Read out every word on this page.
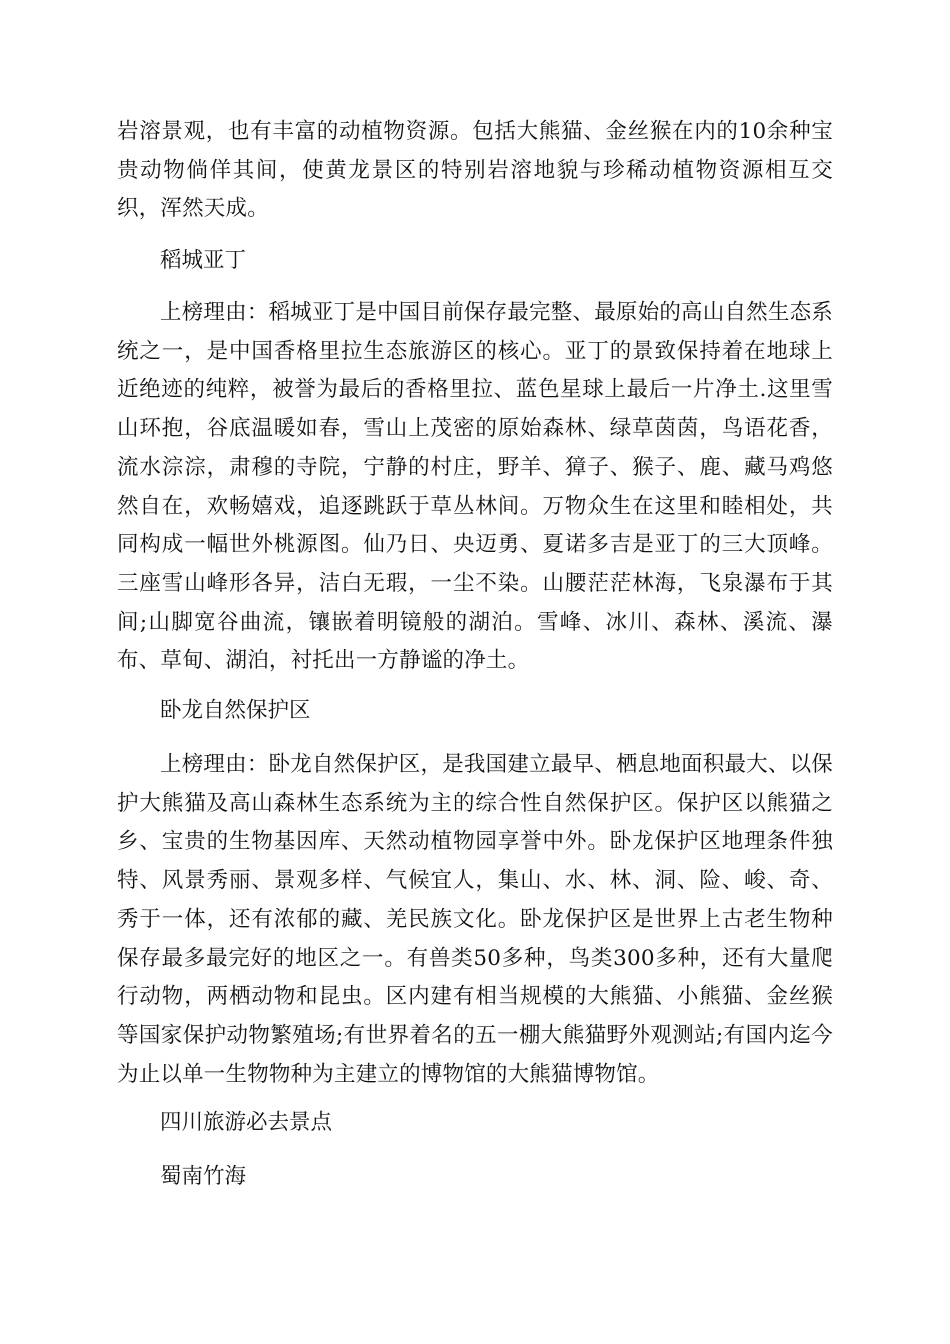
岩溶景观，也有丰富的动植物资源。包括大熊猫、金丝猴在内的10余种宝贵动物倘佯其间，使黄龙景区的特别岩溶地貌与珍稀动植物资源相互交织，浑然天成。

稻城亚丁

上榜理由：稻城亚丁是中国目前保存最完整、最原始的高山自然生态系统之一，是中国香格里拉生态旅游区的核心。亚丁的景致保持着在地球上近绝迹的纯粹，被誉为最后的香格里拉、蓝色星球上最后一片净土.这里雪山环抱，谷底温暖如春，雪山上茂密的原始森林、绿草茵茵，鸟语花香，流水淙淙，肃穆的寺院，宁静的村庄，野羊、獐子、猴子、鹿、藏马鸡悠然自在，欢畅嬉戏，追逐跳跃于草丛林间。万物众生在这里和睦相处，共同构成一幅世外桃源图。仙乃日、央迈勇、夏诺多吉是亚丁的三大顶峰。三座雪山峰形各异，洁白无瑕，一尘不染。山腰茫茫林海，飞泉瀑布于其间;山脚宽谷曲流，镶嵌着明镜般的湖泊。雪峰、冰川、森林、溪流、瀑布、草甸、湖泊，衬托出一方静谧的净土。

卧龙自然保护区

上榜理由：卧龙自然保护区，是我国建立最早、栖息地面积最大、以保护大熊猫及高山森林生态系统为主的综合性自然保护区。保护区以熊猫之乡、宝贵的生物基因库、天然动植物园享誉中外。卧龙保护区地理条件独特、风景秀丽、景观多样、气候宜人，集山、水、林、洞、险、峻、奇、秀于一体，还有浓郁的藏、羌民族文化。卧龙保护区是世界上古老生物种保存最多最完好的地区之一。有兽类50多种，鸟类300多种，还有大量爬行动物，两栖动物和昆虫。区内建有相当规模的大熊猫、小熊猫、金丝猴等国家保护动物繁殖场;有世界着名的五一棚大熊猫野外观测站;有国内迄今为止以单一生物物种为主建立的博物馆的大熊猫博物馆。

四川旅游必去景点

蜀南竹海
